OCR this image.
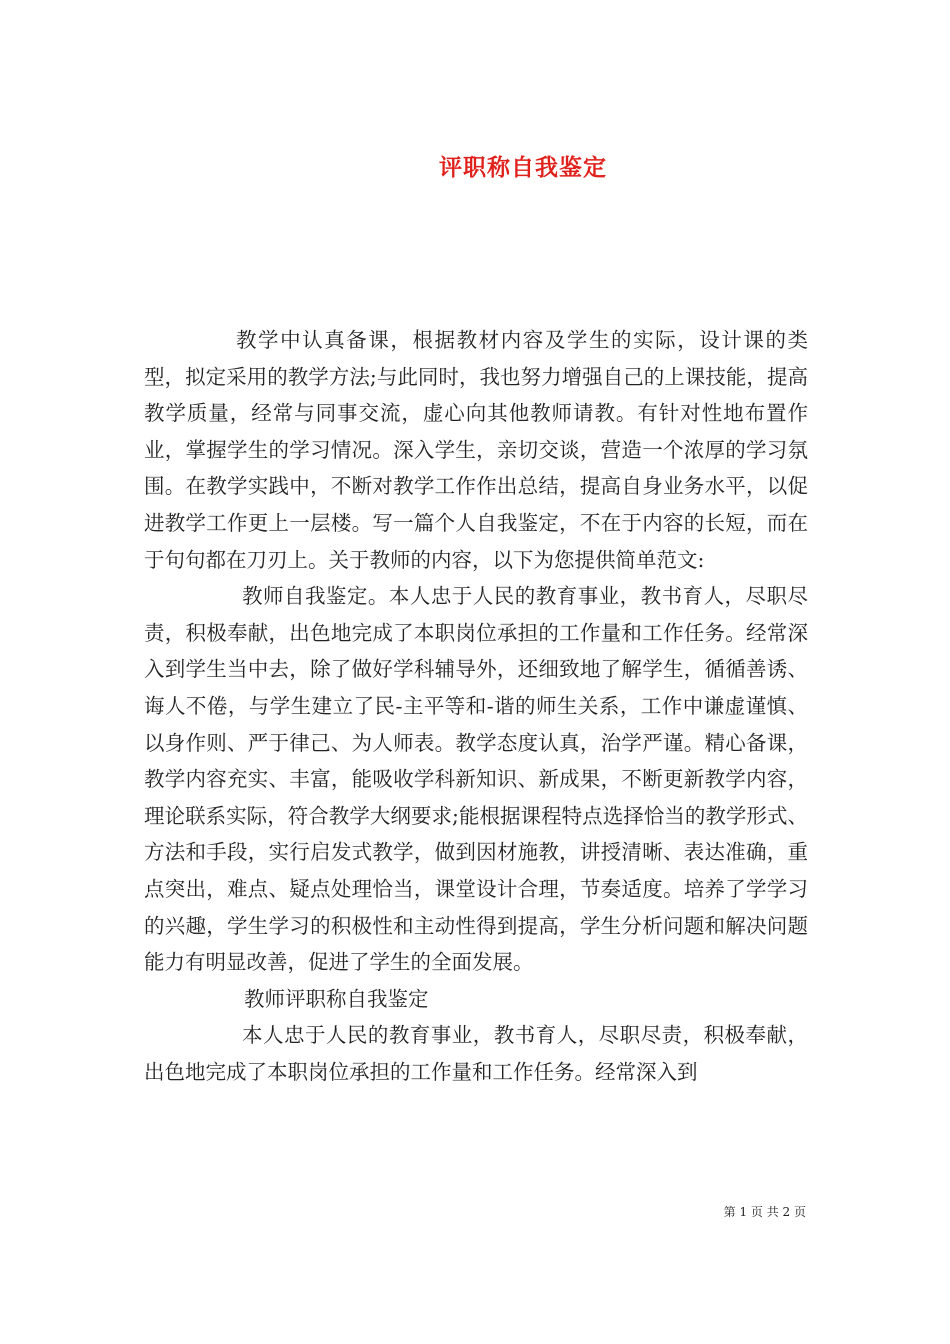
评职称自我鉴定

教学中认真备课，根据教材内容及学生的实际，设计课的类型，拟定采用的教学方法;与此同时，我也努力增强自己的上课技能，提高教学质量，经常与同事交流，虚心向其他教师请教。有针对性地布置作业，掌握学生的学习情况。深入学生，亲切交谈，营造一个浓厚的学习氛围。在教学实践中，不断对教学工作作出总结，提高自身业务水平，以促进教学工作更上一层楼。写一篇个人自我鉴定，不在于内容的长短，而在于句句都在刀刃上。关于教师的内容，以下为您提供简单范文:

教师自我鉴定。本人忠于人民的教育事业，教书育人，尽职尽责，积极奉献，出色地完成了本职岗位承担的工作量和工作任务。经常深入到学生当中去，除了做好学科辅导外，还细致地了解学生，循循善诱、诲人不倦，与学生建立了民-主平等和-谐的师生关系，工作中谦虚谨慎、以身作则、严于律己、为人师表。教学态度认真，治学严谨。精心备课，教学内容充实、丰富，能吸收学科新知识、新成果，不断更新教学内容，理论联系实际，符合教学大纲要求;能根据课程特点选择恰当的教学形式、方法和手段，实行启发式教学，做到因材施教，讲授清晰、表达准确，重点突出，难点、疑点处理恰当，课堂设计合理，节奏适度。培养了学学习的兴趣，学生学习的积极性和主动性得到提高，学生分析问题和解决问题能力有明显改善，促进了学生的全面发展。

教师评职称自我鉴定

本人忠于人民的教育事业，教书育人，尽职尽责，积极奉献，出色地完成了本职岗位承担的工作量和工作任务。经常深入到

第 1 页 共 2 页
